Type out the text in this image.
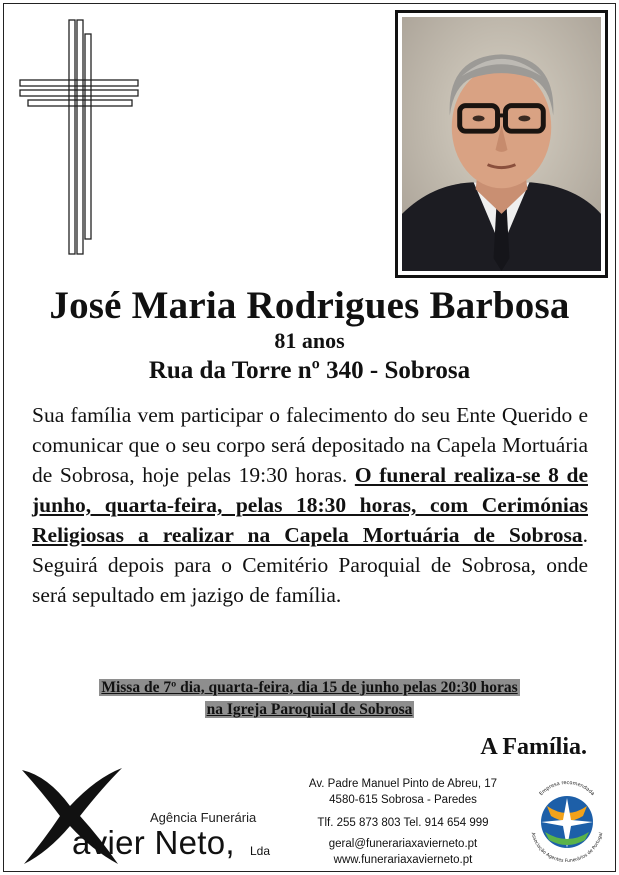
José Maria Rodrigues Barbosa
81 anos
Rua da Torre nº 340 - Sobrosa
Sua família vem participar o falecimento do seu Ente Querido e comunicar que o seu corpo será depositado na Capela Mortuária de Sobrosa, hoje pelas 19:30 horas. O funeral realiza-se 8 de junho, quarta-feira, pelas 18:30 horas, com Cerimónias Religiosas a realizar na Capela Mortuária de Sobrosa. Seguirá depois para o Cemitério Paroquial de Sobrosa, onde será sepultado em jazigo de família.
Missa de 7º dia, quarta-feira, dia 15 de junho pelas 20:30 horas
na Igreja Paroquial de Sobrosa
A Família.
Agência Funerária
avier Neto, Lda
Av. Padre Manuel Pinto de Abreu, 17
4580-615 Sobrosa - Paredes
Tlf. 255 873 803 Tel. 914 654 999
geral@funerariaxavierneto.pt
www.funerariaxavierneto.pt
Empresa recomendada
Associação Agentes Funerários de Portugal
